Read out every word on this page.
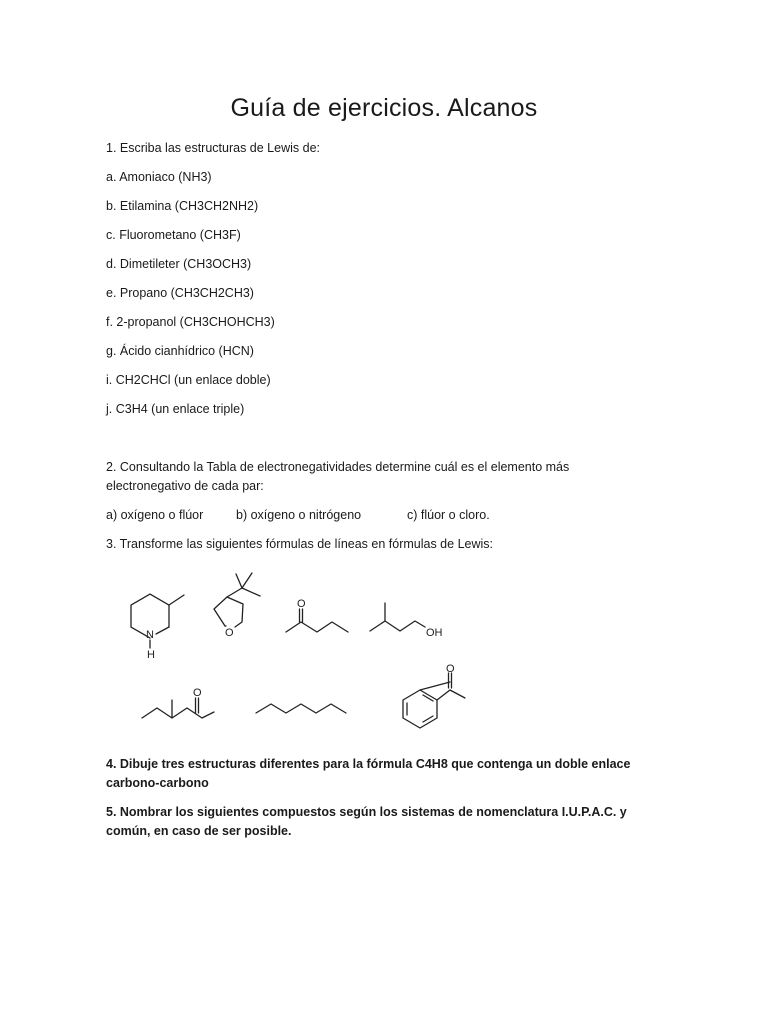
Guía de ejercicios. Alcanos
1. Escriba las estructuras de Lewis de:
a. Amoniaco (NH3)
b. Etilamina (CH3CH2NH2)
c. Fluorometano (CH3F)
d. Dimetileter (CH3OCH3)
e. Propano (CH3CH2CH3)
f. 2-propanol (CH3CHOHCH3)
g. Ácido cianhídrico (HCN)
i. CH2CHCl (un enlace doble)
j. C3H4 (un enlace triple)
2. Consultando la Tabla de electronegatividades determine cuál es el elemento más
electronegativo de cada par:
a) oxígeno o flúor	b) oxígeno o nitrógeno	c) flúor o cloro.
3. Transforme las siguientes fórmulas de líneas en fórmulas de Lewis:
N
H
O
O
OH
O
O
4. Dibuje tres estructuras diferentes para la fórmula C4H8 que contenga un doble enlace carbono-carbono
5. Nombrar los siguientes compuestos según los sistemas de nomenclatura I.U.P.A.C. y común, en caso de ser posible.
